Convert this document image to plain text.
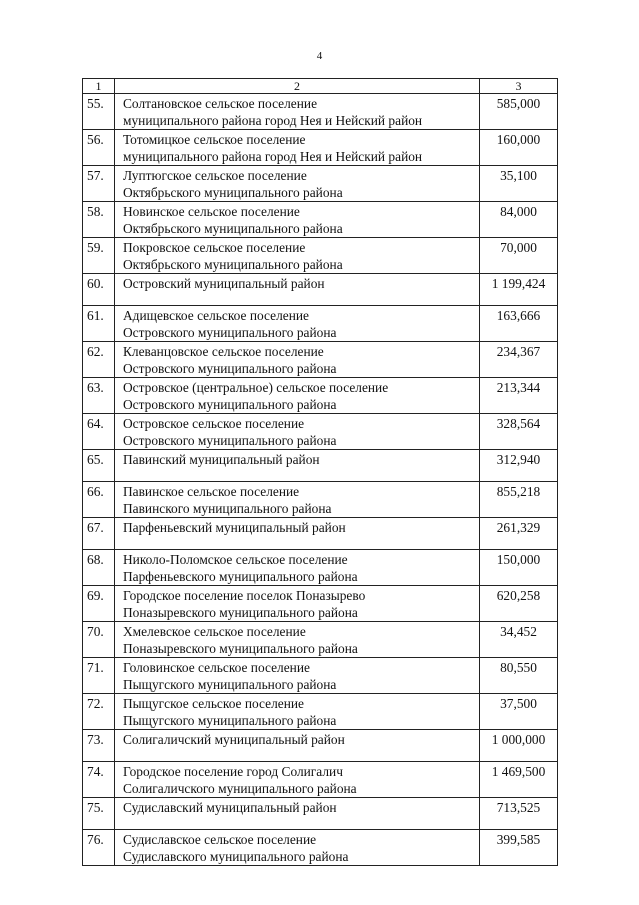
4
1	2	3
55.	Солтановское сельское поселение
муниципального района город Нея и Нейский район	585,000
56.	Тотомицкое сельское поселение
муниципального района город Нея и Нейский район	160,000
57.	Луптюгское сельское поселение
Октябрьского муниципального района	35,100
58.	Новинское сельское поселение
Октябрьского муниципального района	84,000
59.	Покровское сельское поселение
Октябрьского муниципального района	70,000
60.	Островский муниципальный район	1 199,424
61.	Адищевское сельское поселение
Островского муниципального района	163,666
62.	Клеванцовское сельское поселение
Островского муниципального района	234,367
63.	Островское (центральное) сельское поселение
Островского муниципального района	213,344
64.	Островское сельское поселение
Островского муниципального района	328,564
65.	Павинский муниципальный район	312,940
66.	Павинское сельское поселение
Павинского муниципального района	855,218
67.	Парфеньевский муниципальный район	261,329
68.	Николо-Поломское сельское поселение
Парфеньевского муниципального района	150,000
69.	Городское поселение поселок Поназырево
Поназыревского муниципального района	620,258
70.	Хмелевское сельское поселение
Поназыревского муниципального района	34,452
71.	Головинское сельское поселение
Пыщугского муниципального района	80,550
72.	Пыщугское сельское поселение
Пыщугского муниципального района	37,500
73.	Солигаличский муниципальный район	1 000,000
74.	Городское поселение город Солигалич
Солигаличского муниципального района	1 469,500
75.	Судиславский муниципальный район	713,525
76.	Судиславское сельское поселение
Судиславского муниципального района	399,585
